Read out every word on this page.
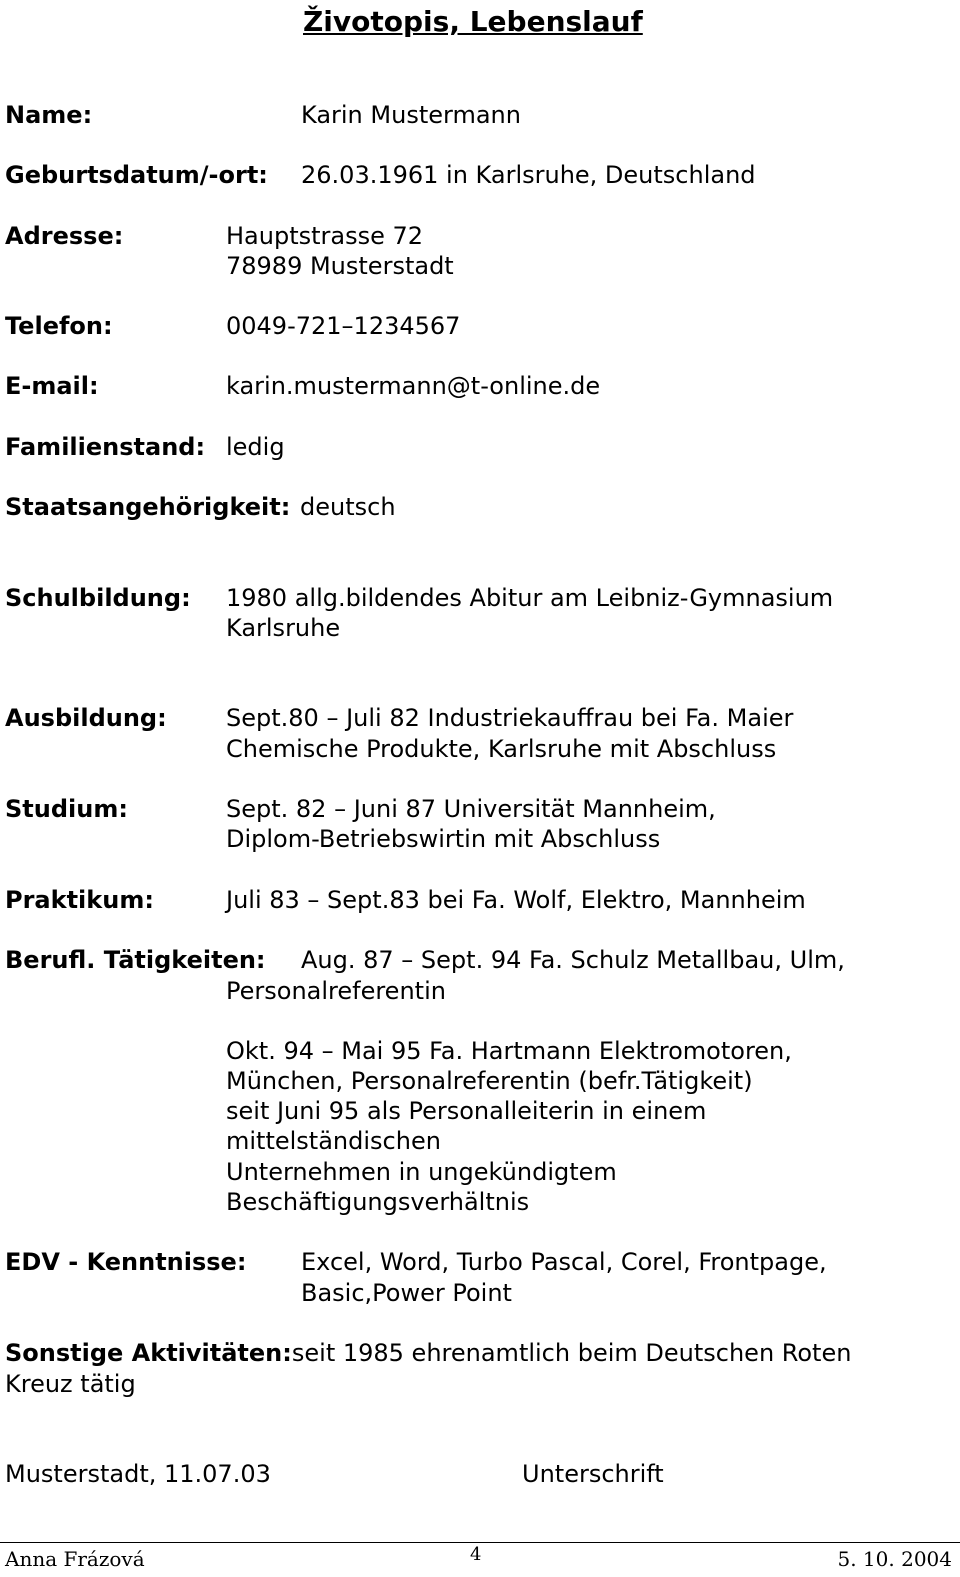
Životopis, Lebenslauf
Name:	Karin Mustermann
Geburtsdatum/-ort: 26.03.1961 in Karlsruhe, Deutschland
Adresse:	Hauptstrasse 72
78989 Musterstadt
Telefon:	0049-721–1234567
E-mail:	karin.mustermann@t-online.de
Familienstand: ledig
Staatsangehörigkeit: deutsch
Schulbildung: 1980 allg.bildendes Abitur am Leibniz-Gymnasium
Karlsruhe
Ausbildung: Sept.80 – Juli 82 Industriekauffrau bei Fa. Maier
Chemische Produkte, Karlsruhe mit Abschluss
Studium:	Sept. 82 – Juni 87 Universität Mannheim,
Diplom-Betriebswirtin mit Abschluss
Praktikum:	Juli 83 – Sept.83 bei Fa. Wolf, Elektro, Mannheim
Berufl. Tätigkeiten: Aug. 87 – Sept. 94 Fa. Schulz Metallbau, Ulm,
Personalreferentin
Okt. 94 – Mai 95 Fa. Hartmann Elektromotoren,
München, Personalreferentin (befr.Tätigkeit)
seit Juni 95 als Personalleiterin in einem
mittelständischen
Unternehmen in ungekündigtem
Beschäftigungsverhältnis
EDV - Kenntnisse: Excel, Word, Turbo Pascal, Corel, Frontpage,
Basic,Power Point
Sonstige Aktivitäten:seit 1985 ehrenamtlich beim Deutschen Roten
Kreuz tätig
Musterstadt, 11.07.03	Unterschrift
Anna Frázová	4	5. 10. 2004
